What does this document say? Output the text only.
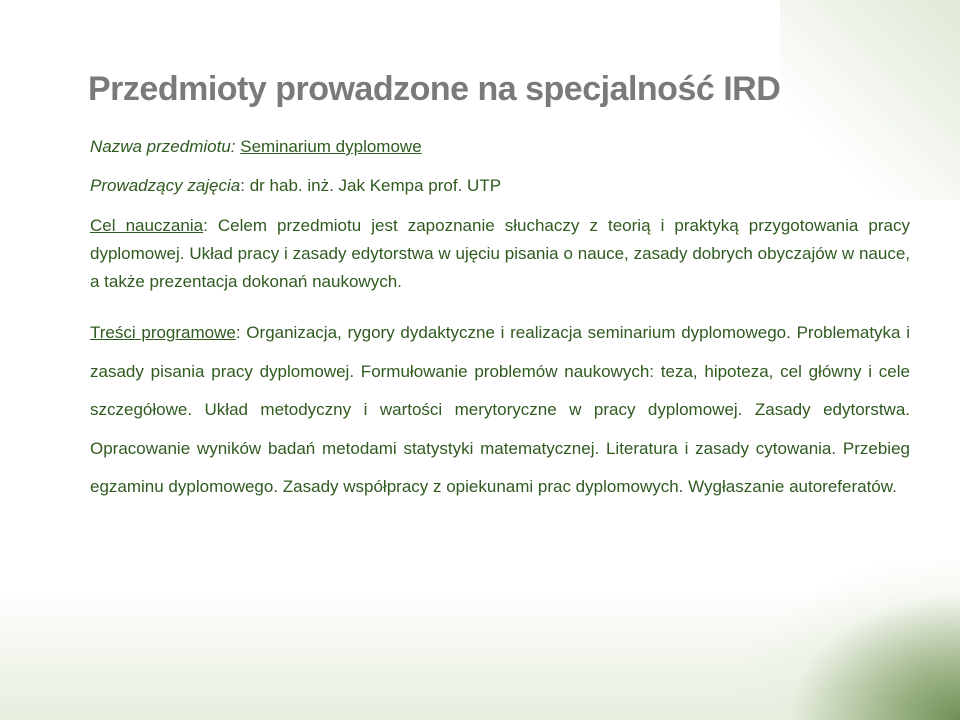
Przedmioty prowadzone na specjalność IRD
Nazwa przedmiotu: Seminarium dyplomowe
Prowadzący zajęcia: dr hab. inż. Jak Kempa prof. UTP

Cel nauczania: Celem przedmiotu jest zapoznanie słuchaczy z teorią i praktyką przygotowania pracy dyplomowej. Układ pracy i zasady edytorstwa w ujęciu pisania o nauce, zasady dobrych obyczajów w nauce, a także prezentacja dokonań naukowych.

Treści programowe: Organizacja, rygory dydaktyczne i realizacja seminarium dyplomowego. Problematyka i zasady pisania pracy dyplomowej. Formułowanie problemów naukowych: teza, hipoteza, cel główny i cele szczegółowe. Układ metodyczny i wartości merytoryczne w pracy dyplomowej. Zasady edytorstwa. Opracowanie wyników badań metodami statystyki matematycznej. Literatura i zasady cytowania. Przebieg egzaminu dyplomowego. Zasady współpracy z opiekunami prac dyplomowych. Wygłaszanie autoreferatów.
